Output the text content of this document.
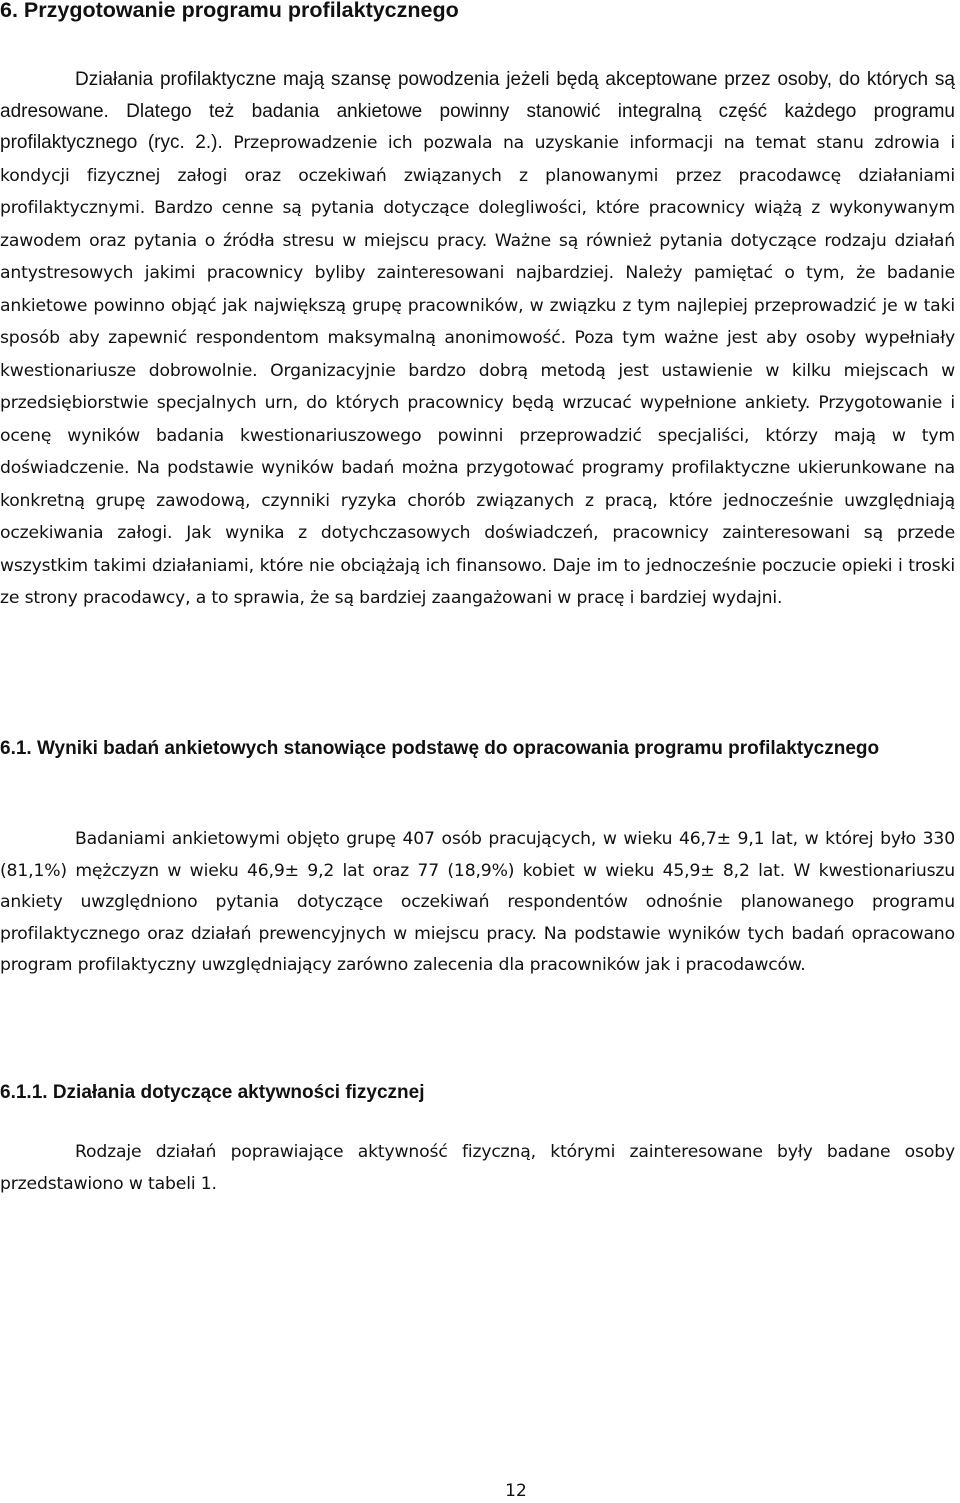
6. Przygotowanie programu profilaktycznego

Działania profilaktyczne mają szansę powodzenia jeżeli będą akceptowane przez osoby, do których są adresowane. Dlatego też badania ankietowe powinny stanowić integralną część każdego programu profilaktycznego (ryc. 2.). Przeprowadzenie ich pozwala na uzyskanie informacji na temat stanu zdrowia i kondycji fizycznej załogi oraz oczekiwań związanych z planowanymi przez pracodawcę działaniami profilaktycznymi. Bardzo cenne są pytania dotyczące dolegliwości, które pracownicy wiążą z wykonywanym zawodem oraz pytania o źródła stresu w miejscu pracy. Ważne są również pytania dotyczące rodzaju działań antystresowych jakimi pracownicy byliby zainteresowani najbardziej. Należy pamiętać o tym, że badanie ankietowe powinno objąć jak największą grupę pracowników, w związku z tym najlepiej przeprowadzić je w taki sposób aby zapewnić respondentom maksymalną anonimowość. Poza tym ważne jest aby osoby wypełniały kwestionariusze dobrowolnie. Organizacyjnie bardzo dobrą metodą jest ustawienie w kilku miejscach w przedsiębiorstwie specjalnych urn, do których pracownicy będą wrzucać wypełnione ankiety. Przygotowanie i ocenę wyników badania kwestionariuszowego powinni przeprowadzić specjaliści, którzy mają w tym doświadczenie. Na podstawie wyników badań można przygotować programy profilaktyczne ukierunkowane na konkretną grupę zawodową, czynniki ryzyka chorób związanych z pracą, które jednocześnie uwzględniają oczekiwania załogi. Jak wynika z dotychczasowych doświadczeń, pracownicy zainteresowani są przede wszystkim takimi działaniami, które nie obciążają ich finansowo. Daje im to jednocześnie poczucie opieki i troski ze strony pracodawcy, a to sprawia, że są bardziej zaangażowani w pracę i bardziej wydajni.

6.1. Wyniki badań ankietowych stanowiące podstawę do opracowania programu profilaktycznego

Badaniami ankietowymi objęto grupę 407 osób pracujących, w wieku 46,7± 9,1 lat, w której było 330 (81,1%) mężczyzn w wieku 46,9± 9,2 lat oraz 77 (18,9%) kobiet w wieku 45,9± 8,2 lat. W kwestionariuszu ankiety uwzględniono pytania dotyczące oczekiwań respondentów odnośnie planowanego programu profilaktycznego oraz działań prewencyjnych w miejscu pracy. Na podstawie wyników tych badań opracowano program profilaktyczny uwzględniający zarówno zalecenia dla pracowników jak i pracodawców.

6.1.1. Działania dotyczące aktywności fizycznej

Rodzaje działań poprawiające aktywność fizyczną, którymi zainteresowane były badane osoby przedstawiono w tabeli 1.

12
